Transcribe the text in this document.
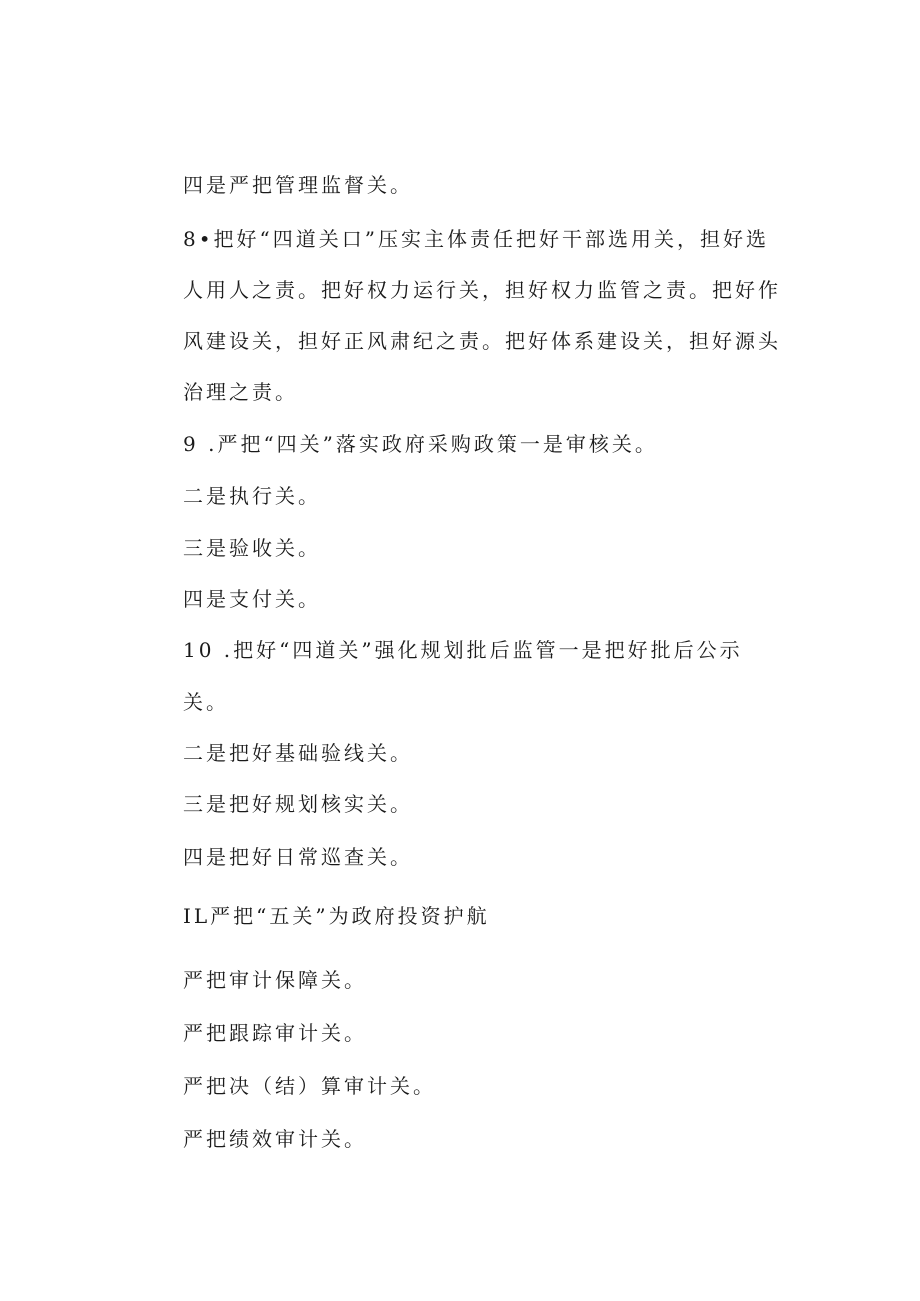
四是严把管理监督关。

8•把好“四道关口”压实主体责任把好干部选用关，担好选

人用人之责。把好权力运行关，担好权力监管之责。把好作

风建设关，担好正风肃纪之责。把好体系建设关，担好源头

治理之责。

9 .严把“四关”落实政府采购政策一是审核关。

二是执行关。

三是验收关。

四是支付关。

10 .把好“四道关”强化规划批后监管一是把好批后公示

关。

二是把好基础验线关。

三是把好规划核实关。

四是把好日常巡查关。

IL严把“五关”为政府投资护航

严把审计保障关。

严把跟踪审计关。

严把决（结）算审计关。

严把绩效审计关。
